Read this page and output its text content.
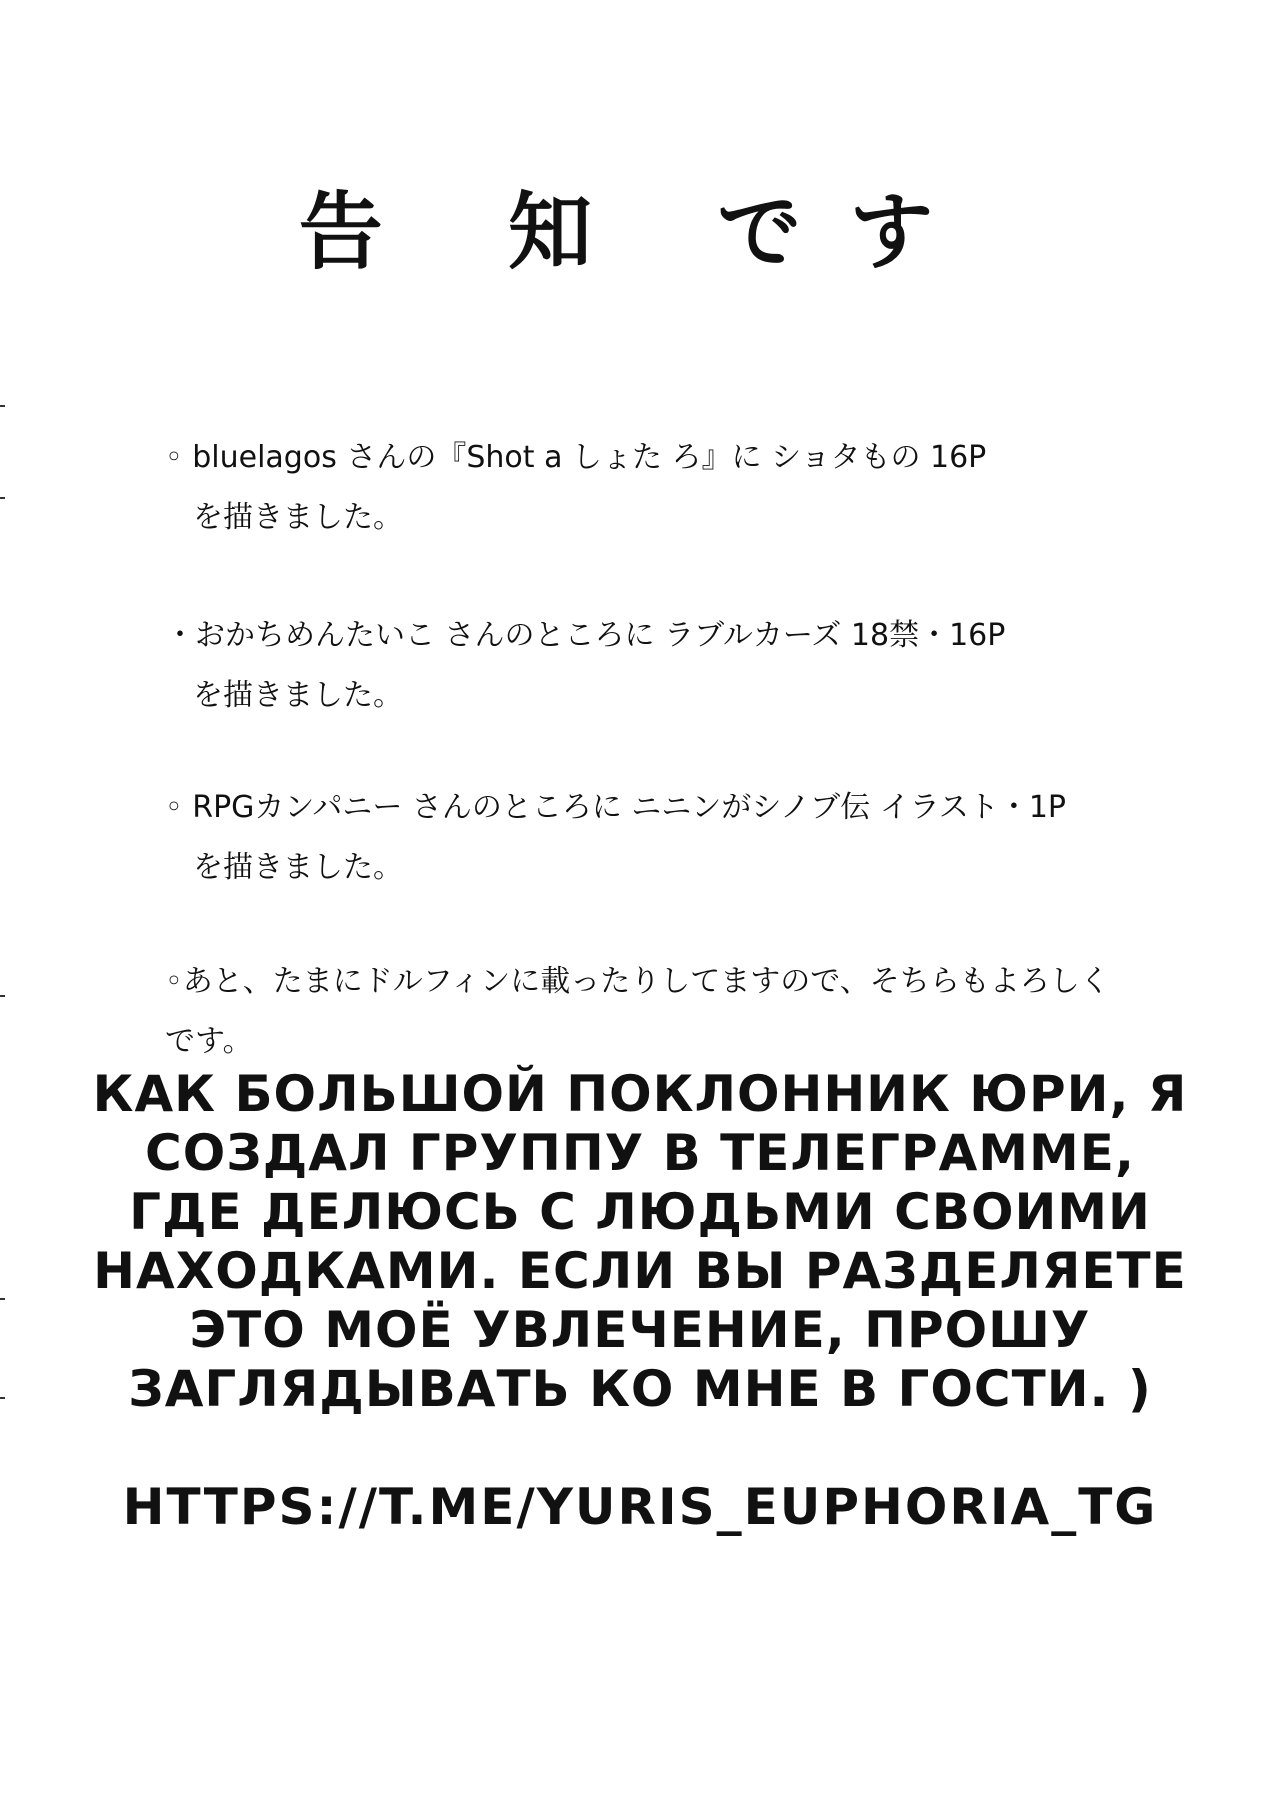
告 知 です
◦ bluelagos さんの『Shot a しょた ろ』に ショタもの 16P
を描きました。
・おかちめんたいこ さんのところに ラブルカーズ 18禁・16P
を描きました。
◦ RPGカンパニー さんのところに ニニンがシノブ伝 イラスト・1P
を描きました。
◦あと、たまにドルフィンに載ったりしてますので、そちらもよろしくです。
КАК БОЛЬШОЙ ПОКЛОННИК ЮРИ, Я
СОЗДАЛ ГРУППУ В ТЕЛЕГРАММЕ,
ГДЕ ДЕЛЮСЬ С ЛЮДЬМИ СВОИМИ
НАХОДКАМИ. ЕСЛИ ВЫ РАЗДЕЛЯЕТЕ
ЭТО МОЁ УВЛЕЧЕНИЕ, ПРОШУ
ЗАГЛЯДЫВАТЬ КО МНЕ В ГОСТИ. )
HTTPS://T.ME/YURIS_EUPHORIA_TG
